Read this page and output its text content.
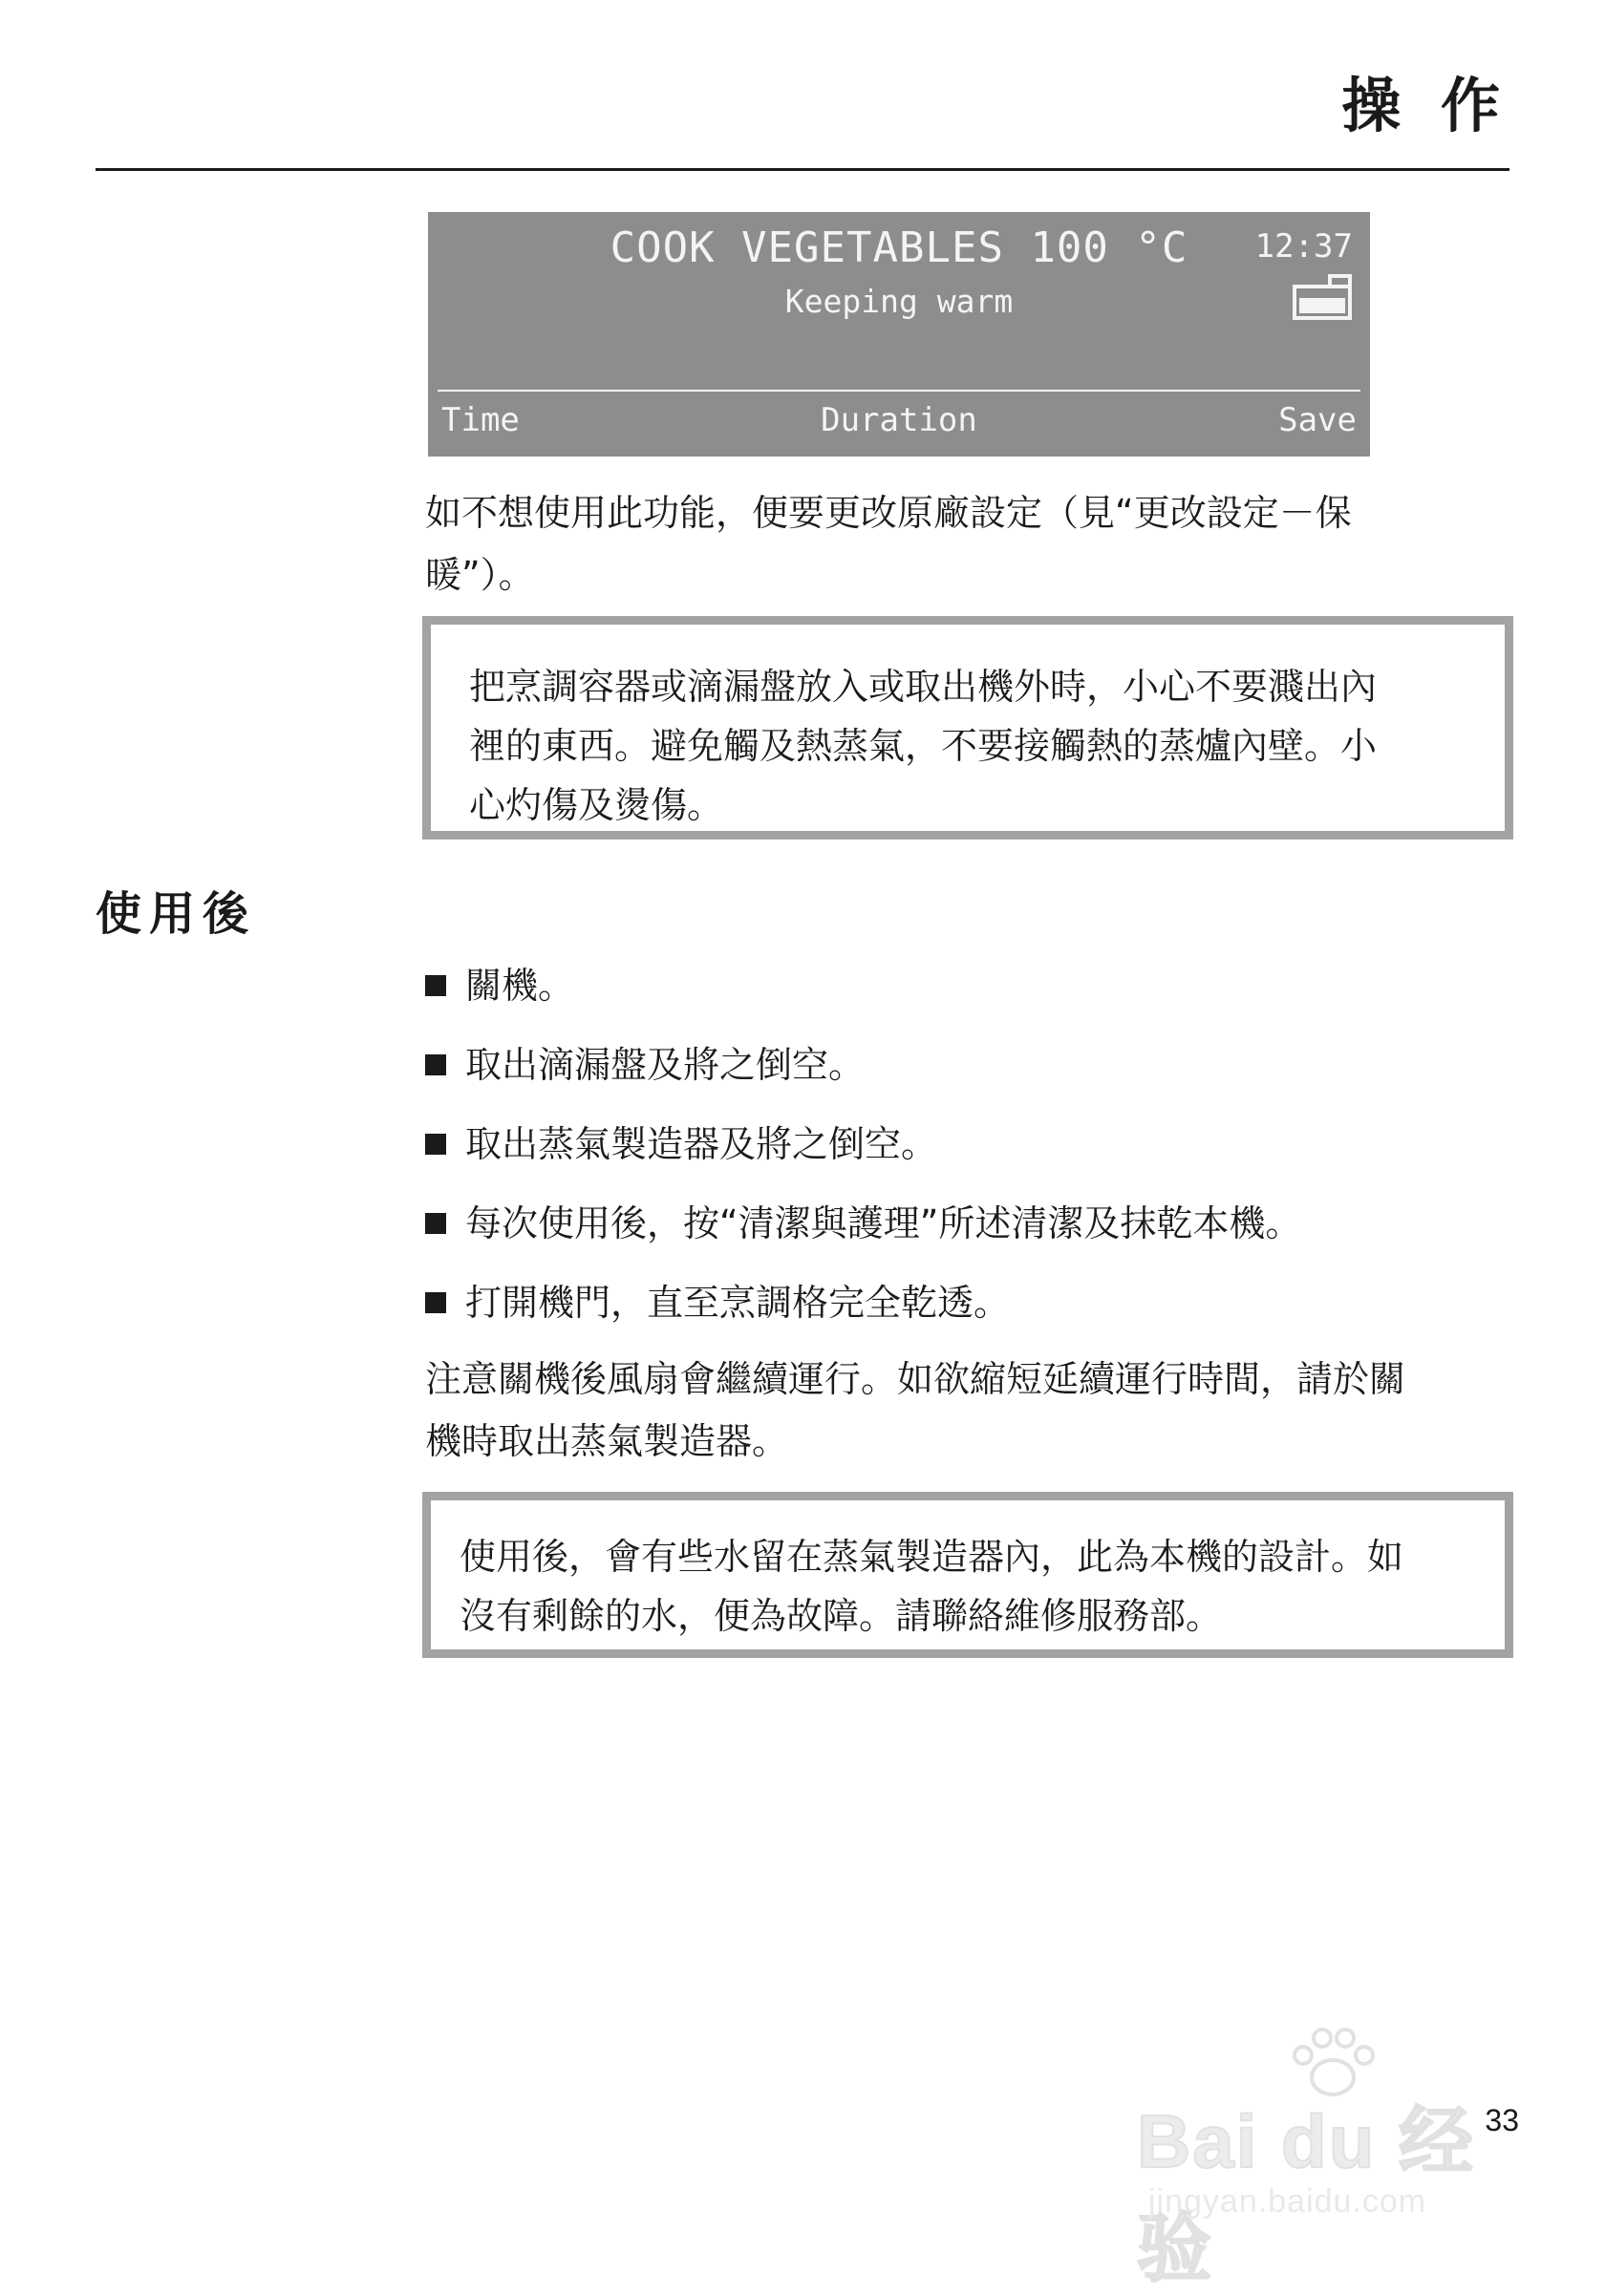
操 作
COOK VEGETABLES 100 °C
Keeping warm
12:37
Time	Duration	Save
如不想使用此功能，便要更改原廠設定（見“更改設定－保
暖”）。
把烹調容器或滴漏盤放入或取出機外時，小心不要濺出內
裡的東西。避免觸及熱蒸氣，不要接觸熱的蒸爐內壁。小
心灼傷及燙傷。
使用後
關機。
取出滴漏盤及將之倒空。
取出蒸氣製造器及將之倒空。
每次使用後，按“清潔與護理”所述清潔及抹乾本機。
打開機門，直至烹調格完全乾透。
注意關機後風扇會繼續運行。如欲縮短延續運行時間，請於關
機時取出蒸氣製造器。
使用後，會有些水留在蒸氣製造器內，此為本機的設計。如
沒有剩餘的水，便為故障。請聯絡維修服務部。
Bai du 经验
jingyan.baidu.com
33
